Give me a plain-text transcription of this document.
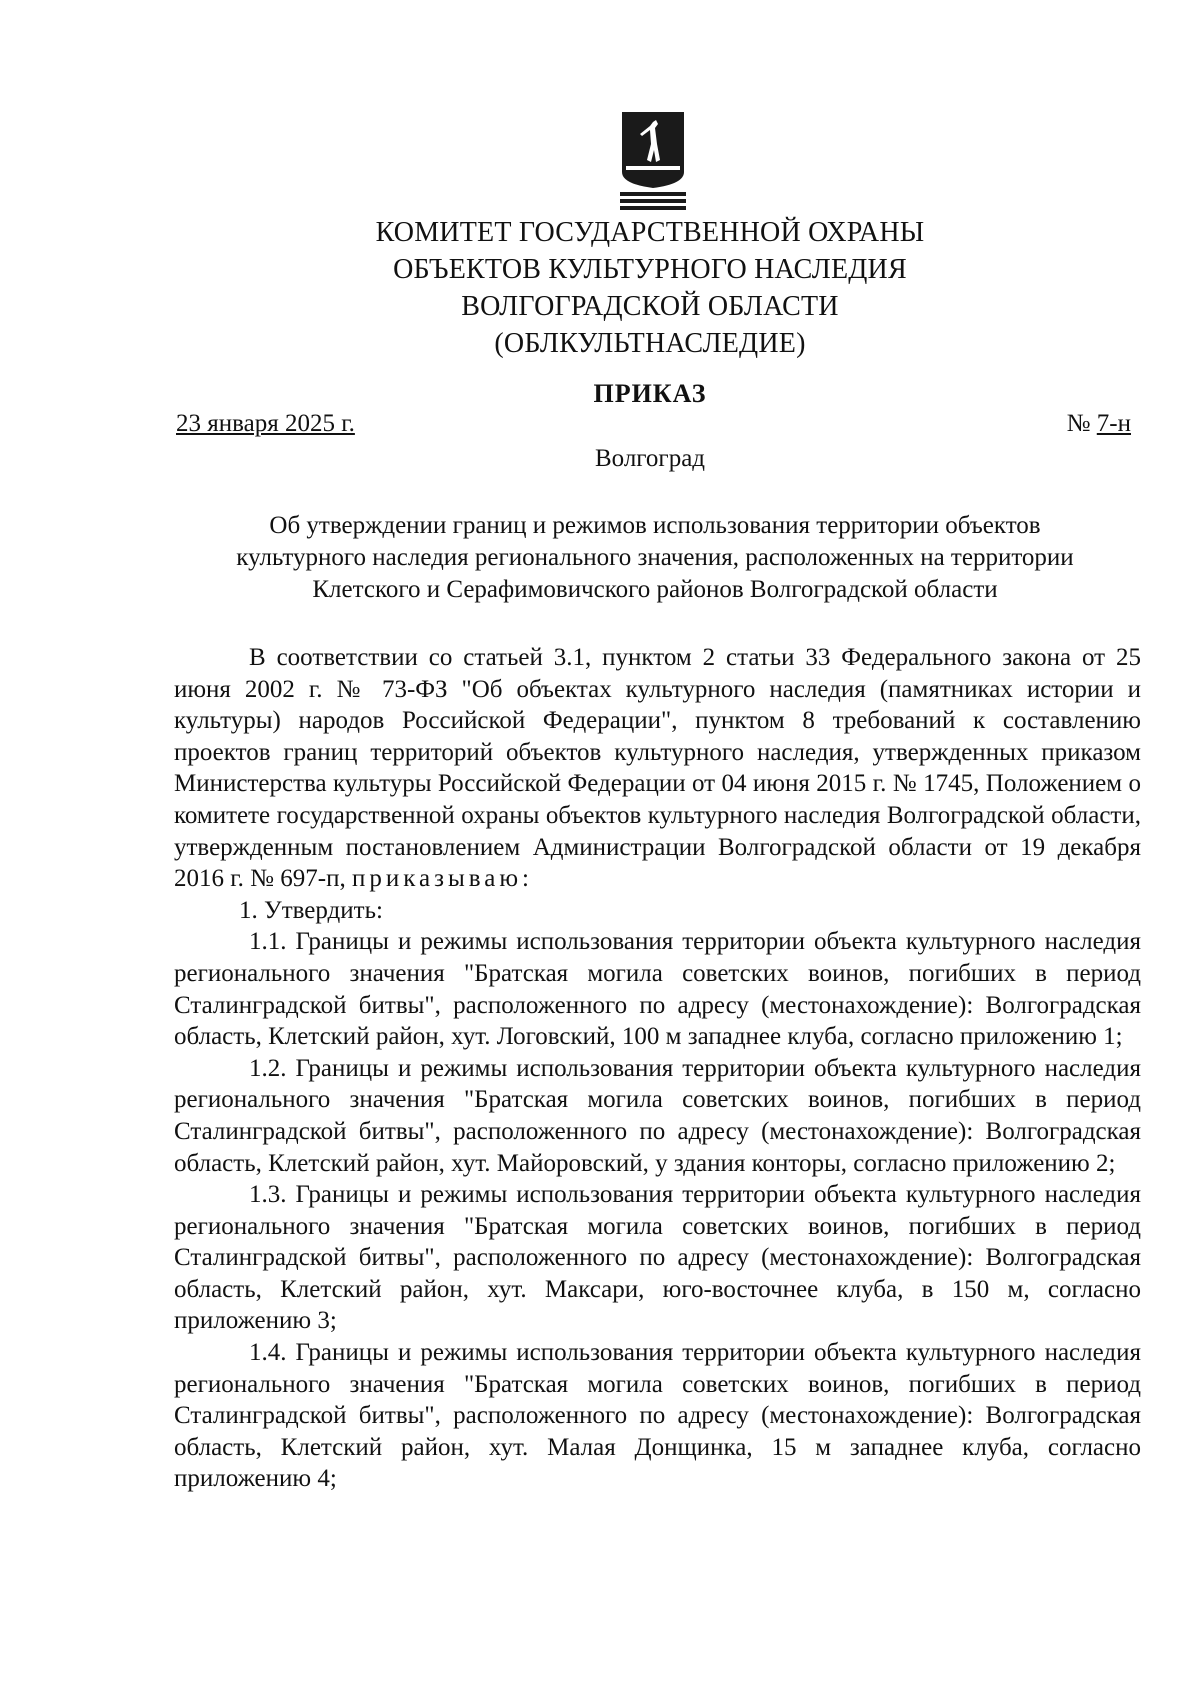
КОМИТЕТ ГОСУДАРСТВЕННОЙ ОХРАНЫ
ОБЪЕКТОВ КУЛЬТУРНОГО НАСЛЕДИЯ
ВОЛГОГРАДСКОЙ ОБЛАСТИ
(ОБЛКУЛЬТНАСЛЕДИЕ)
ПРИКАЗ
23 января 2025 г.	№ 7-н
Волгоград
Об утверждении границ и режимов использования территории объектов
культурного наследия регионального значения, расположенных на территории
Клетского и Серафимовичского районов Волгоградской области

В соответствии со статьей 3.1, пунктом 2 статьи 33 Федерального закона от 25 июня 2002 г. № 73-ФЗ "Об объектах культурного наследия (памятниках истории и культуры) народов Российской Федерации", пунктом 8 требований к составлению проектов границ территорий объектов культурного наследия, утвержденных приказом Министерства культуры Российской Федерации от 04 июня 2015 г. № 1745, Положением о комитете государственной охраны объектов культурного наследия Волгоградской области, утвержденным постановлением Администрации Волгоградской области от 19 декабря 2016 г. № 697-п, приказываю:

1. Утвердить:

1.1. Границы и режимы использования территории объекта культурного наследия регионального значения "Братская могила советских воинов, погибших в период Сталинградской битвы", расположенного по адресу (местонахождение): Волгоградская область, Клетский район, хут. Логовский, 100 м западнее клуба, согласно приложению 1;

1.2. Границы и режимы использования территории объекта культурного наследия регионального значения "Братская могила советских воинов, погибших в период Сталинградской битвы", расположенного по адресу (местонахождение): Волгоградская область, Клетский район, хут. Майоровский, у здания конторы, согласно приложению 2;

1.3. Границы и режимы использования территории объекта культурного наследия регионального значения "Братская могила советских воинов, погибших в период Сталинградской битвы", расположенного по адресу (местонахождение): Волгоградская область, Клетский район, хут. Максари, юго-восточнее клуба, в 150 м, согласно приложению 3;

1.4. Границы и режимы использования территории объекта культурного наследия регионального значения "Братская могила советских воинов, погибших в период Сталинградской битвы", расположенного по адресу (местонахождение): Волгоградская область, Клетский район, хут. Малая Донщинка, 15 м западнее клуба, согласно приложению 4;
